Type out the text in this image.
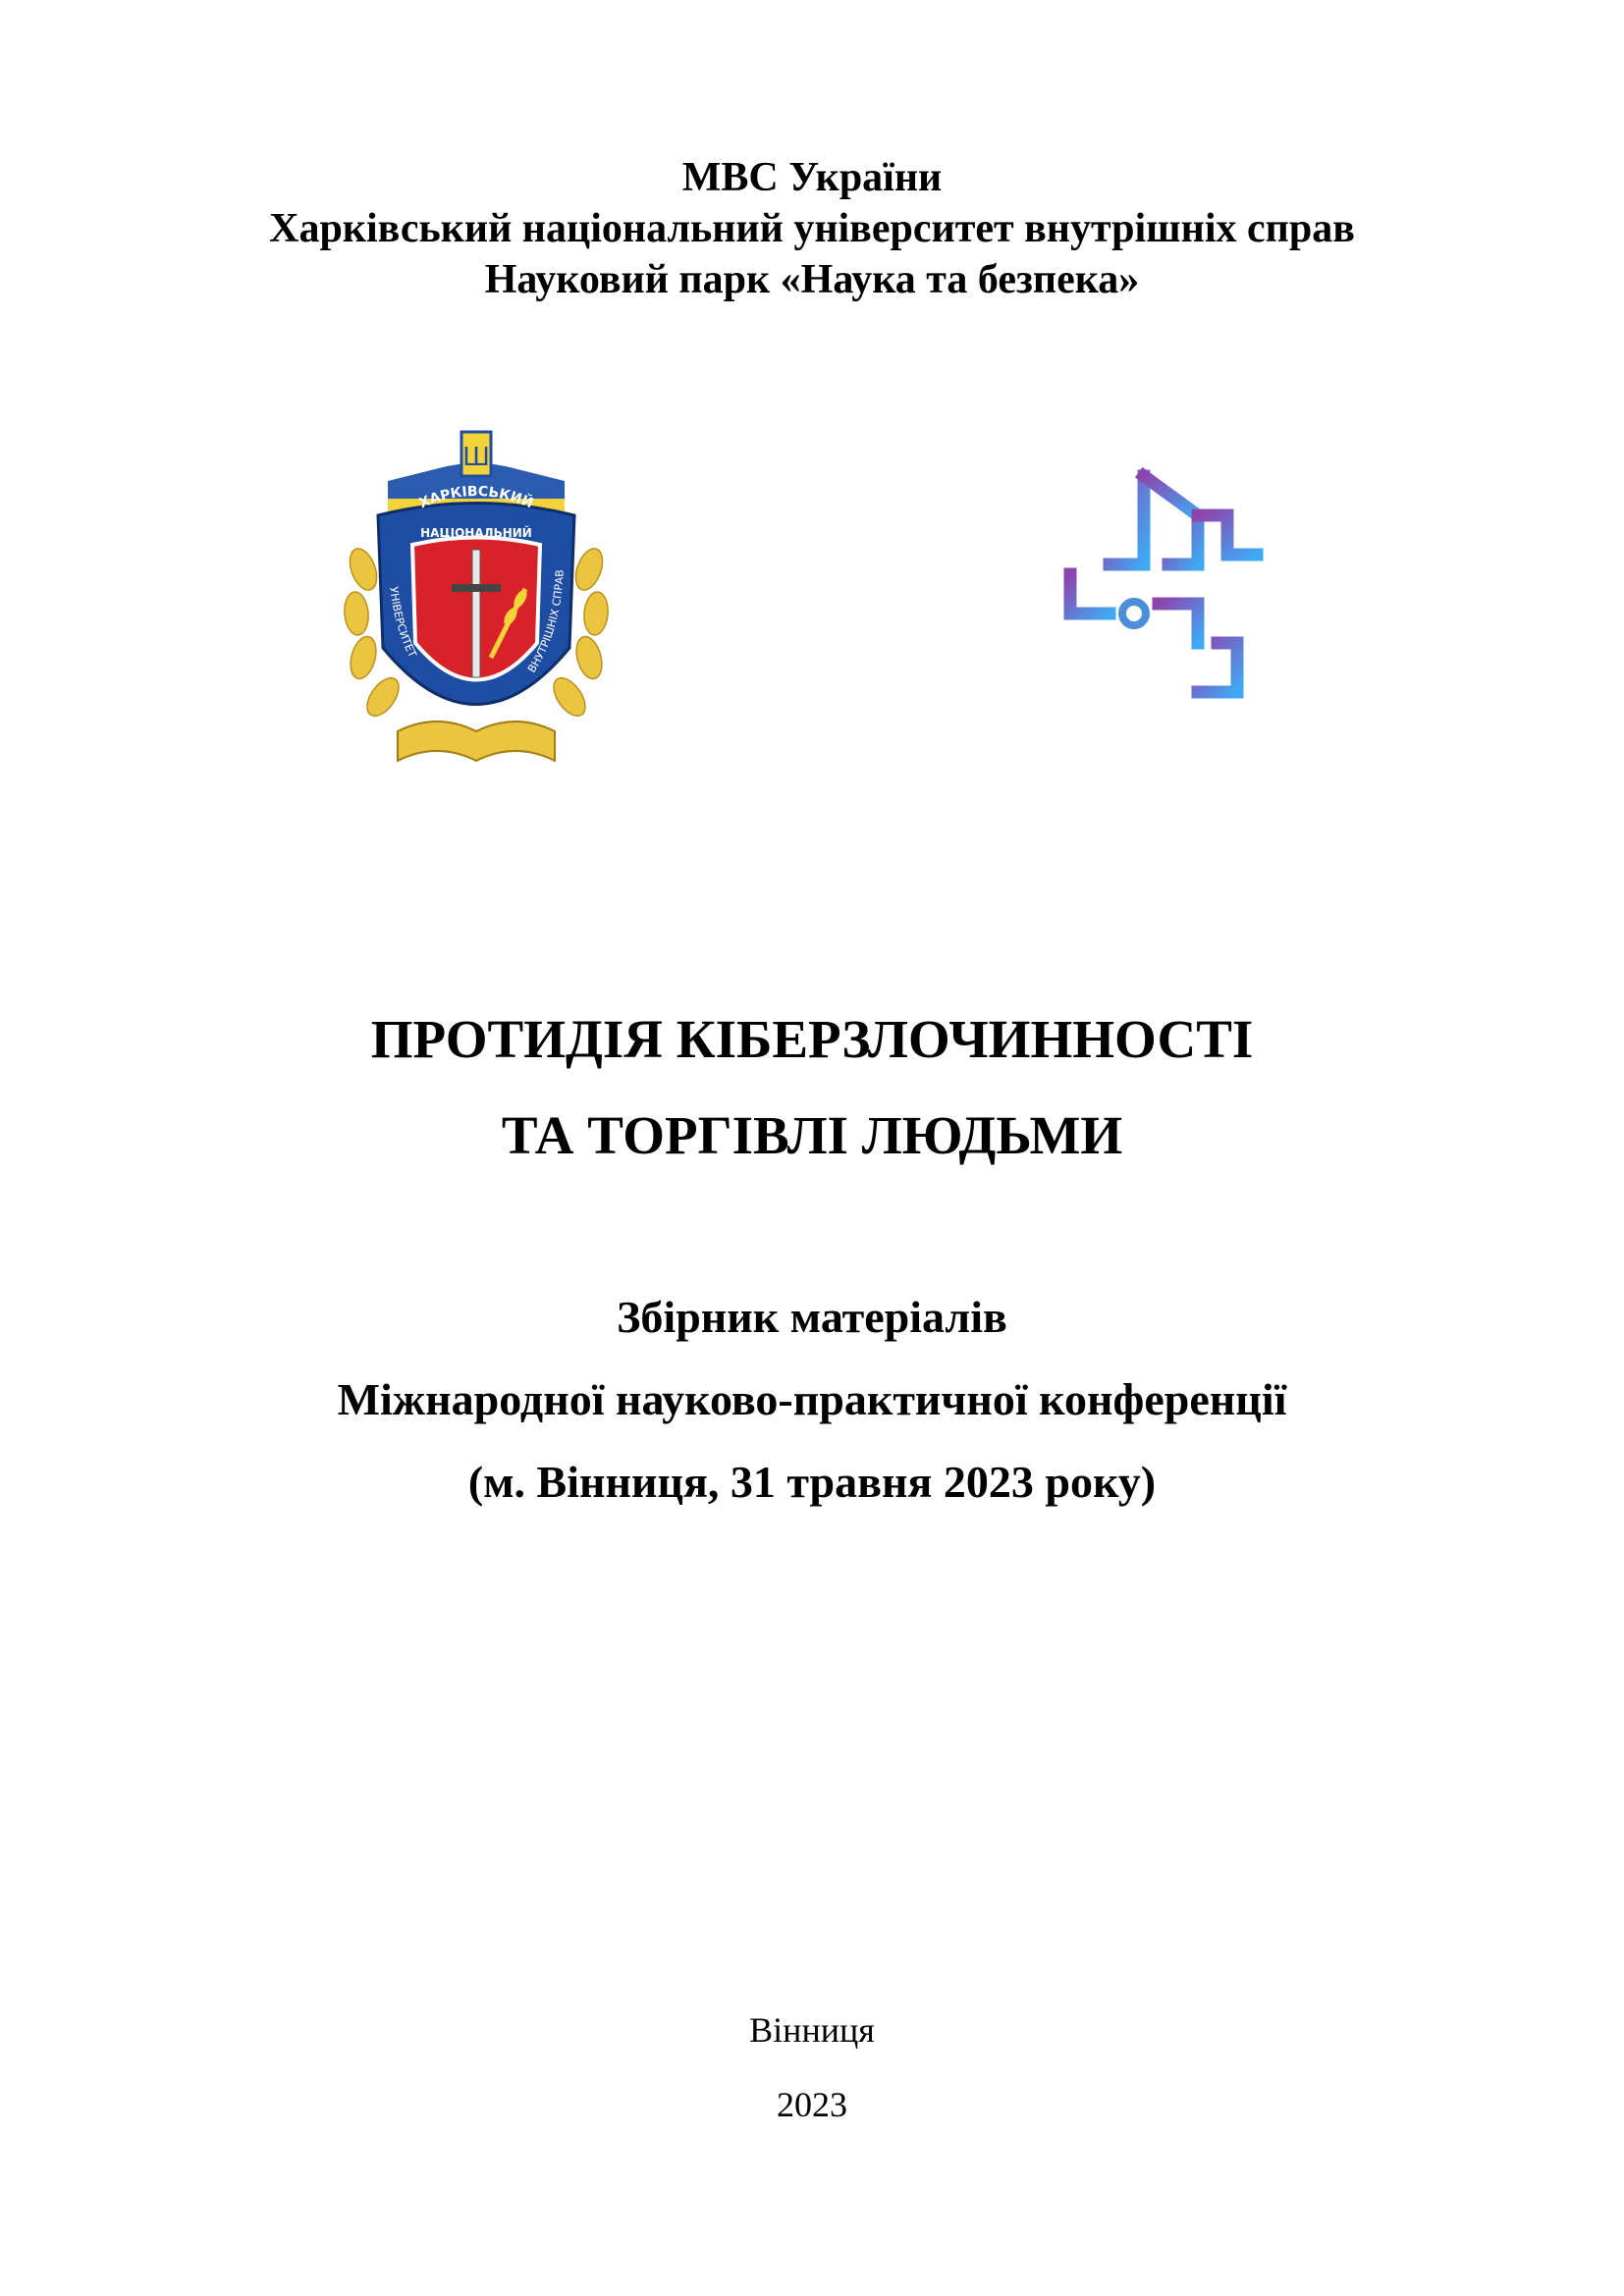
МВС України
Харківський національний університет внутрішніх справ
Науковий парк «Наука та безпека»
Ш
ХАРКІВСЬКИЙ
УНІВЕРСИТЕТ
ВНУТРІШНІХ СПРАВ
НАЦІОНАЛЬНИЙ
ПРОТИДІЯ КІБЕРЗЛОЧИННОСТІ
ТА ТОРГІВЛІ ЛЮДЬМИ
Збірник матеріалів
Міжнародної науково-практичної конференції
(м. Вінниця, 31 травня 2023 року)
Вінниця
2023
